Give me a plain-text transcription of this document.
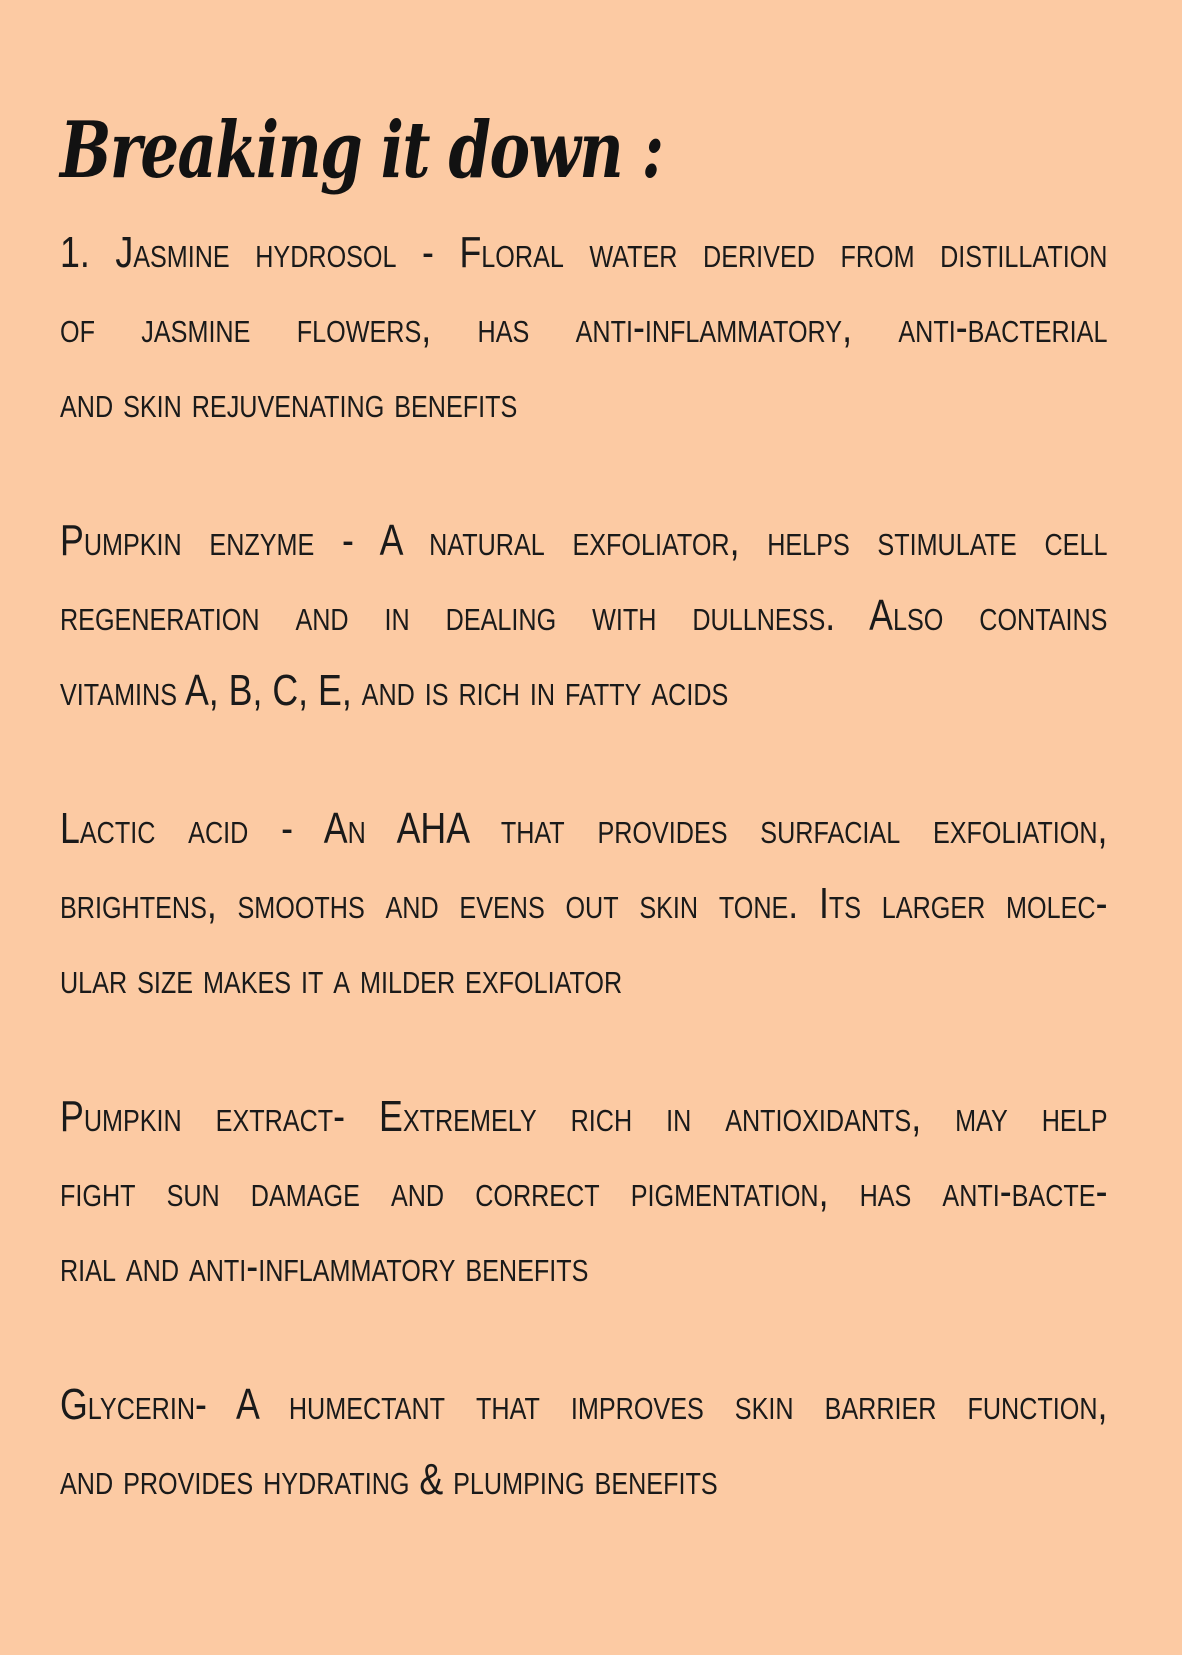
Breaking it down :
1. Jasmine hydrosol - Floral water derived from distillation
of jasmine flowers, has anti-inflammatory, anti-bacterial
and skin rejuvenating benefits
Pumpkin enzyme - A natural exfoliator, helps stimulate cell
regeneration and in dealing with dullness. Also contains
vitamins A, B, C, E, and is rich in fatty acids
Lactic acid - An AHA that provides surfacial exfoliation,
brightens, smooths and evens out skin tone. Its larger molec-
ular size makes it a milder exfoliator
Pumpkin extract- Extremely rich in antioxidants, may help
fight sun damage and correct pigmentation, has anti-bacte-
rial and anti-inflammatory benefits
Glycerin- A humectant that improves skin barrier function,
and provides hydrating & plumping benefits
